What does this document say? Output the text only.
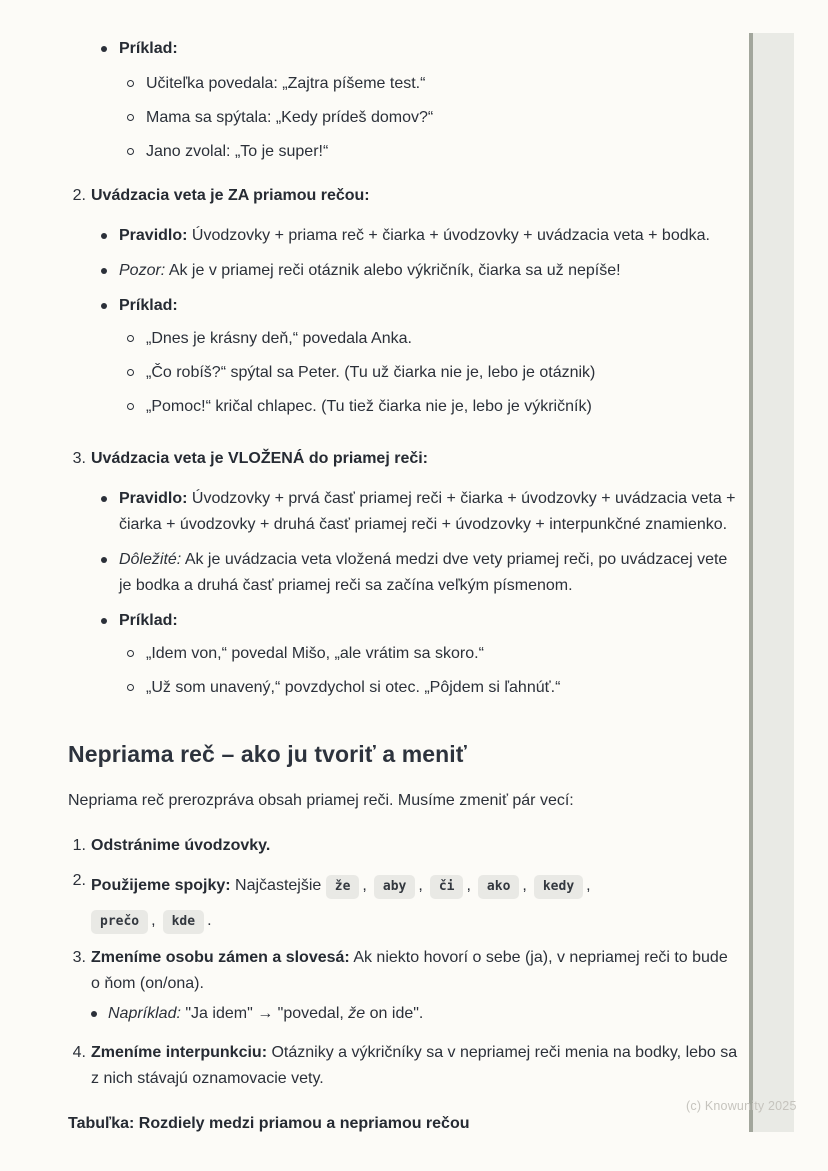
Príklad:
Učiteľka povedala: „Zajtra píšeme test.“
Mama sa spýtala: „Kedy prídeš domov?“
Jano zvolal: „To je super!“
2. Uvádzacia veta je ZA priamou rečou:
Pravidlo: Úvodzovky + priama reč + čiarka + úvodzovky + uvádzacia veta + bodka.
Pozor: Ak je v priamej reči otáznik alebo výkričník, čiarka sa už nepíše!
Príklad:
„Dnes je krásny deň,“ povedala Anka.
„Čo robíš?“ spýtal sa Peter. (Tu už čiarka nie je, lebo je otáznik)
„Pomoc!“ kričal chlapec. (Tu tiež čiarka nie je, lebo je výkričník)
3. Uvádzacia veta je VLOŽENÁ do priamej reči:
Pravidlo: Úvodzovky + prvá časť priamej reči + čiarka + úvodzovky + uvádzacia veta + čiarka + úvodzovky + druhá časť priamej reči + úvodzovky + interpunkčné znamienko.
Dôležité: Ak je uvádzacia veta vložená medzi dve vety priamej reči, po uvádzacej vete je bodka a druhá časť priamej reči sa začína veľkým písmenom.
Príklad:
„Idem von,“ povedal Mišo, „ale vrátim sa skoro.“
„Už som unavený,“ povzdychol si otec. „Pôjdem si ľahnúť.“
Nepriama reč – ako ju tvoriť a meniť

Nepriama reč prerozpráva obsah priamej reči. Musíme zmeniť pár vecí:

1. Odstránime úvodzovky.
2. Použijeme spojky: Najčastejšie že , aby , či , ako , kedy ,
prečo , kde .
3. Zmeníme osobu zámen a slovesá: Ak niekto hovorí o sebe (ja), v nepriamej reči to bude o ňom (on/ona).
Napríklad: "Ja idem" → "povedal, že on ide".
4. Zmeníme interpunkciu: Otázniky a výkričníky sa v nepriamej reči menia na bodky, lebo sa z nich stávajú oznamovacie vety.
Tabuľka: Rozdiely medzi priamou a nepriamou rečou
(c) Knowunity 2025
